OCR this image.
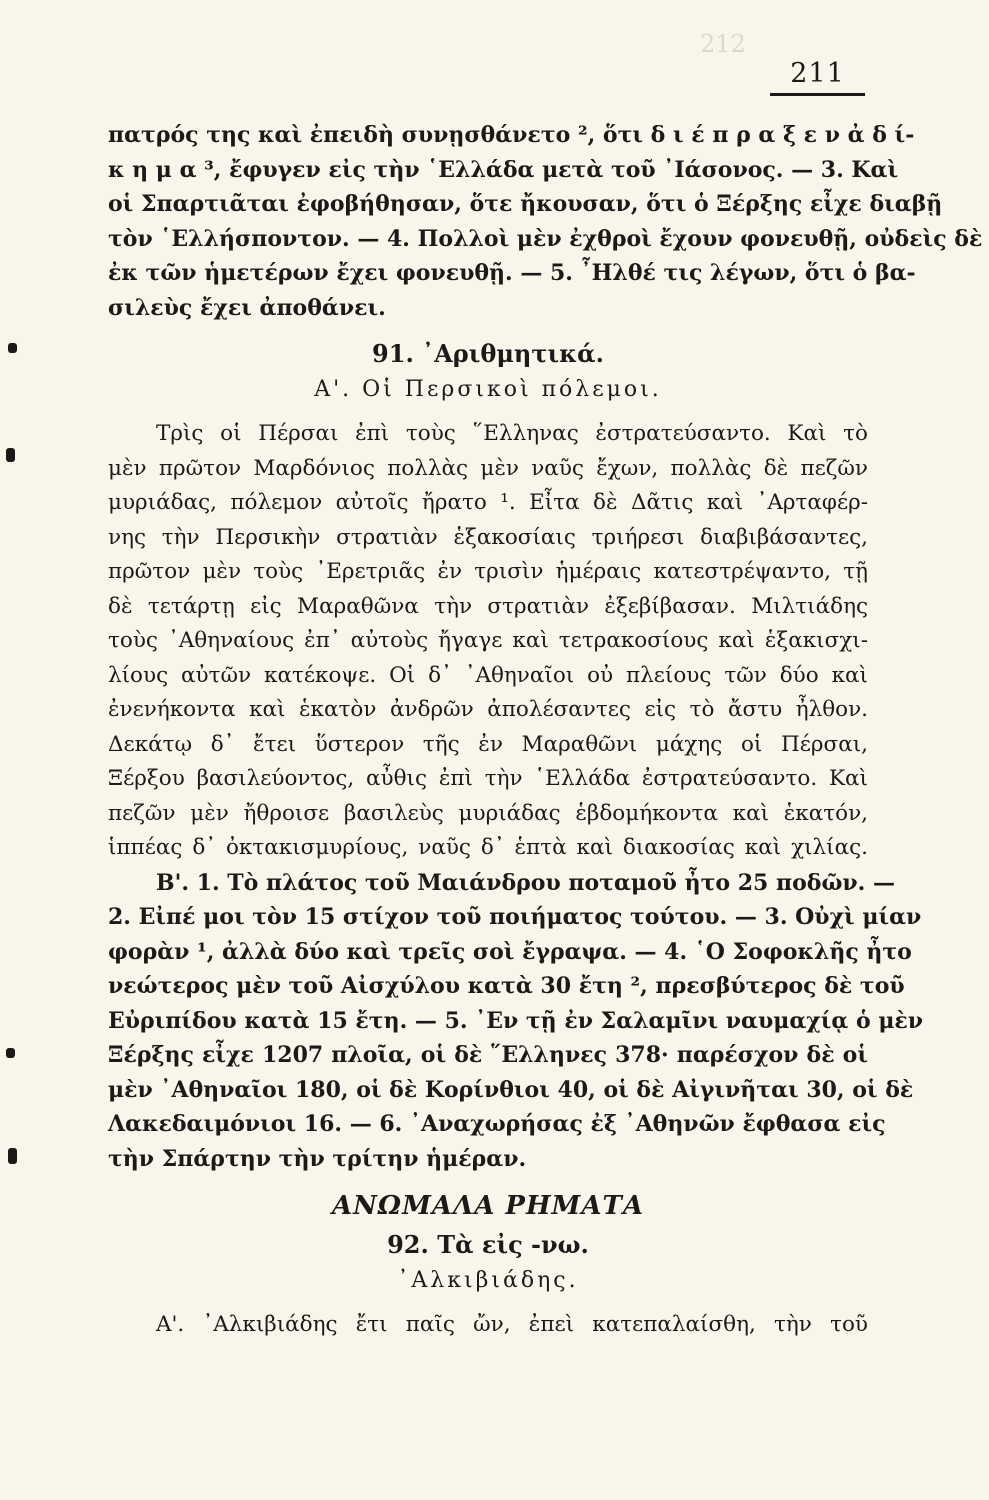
212
211
πατρός της καὶ ἐπειδὴ συνῃσθάνετο ², ὅτι δ ι έ π ρ α ξ ε ν ἀ δ ί-
κ η μ α ³, ἔφυγεν εἰς τὴν ῾Ελλάδα μετὰ τοῦ ᾿Ιάσονος. — 3. Καὶ
οἱ Σπαρτιᾶται ἐφοβήθησαν, ὅτε ἤκουσαν, ὅτι ὁ Ξέρξης εἶχε διαβῇ
τὸν ῾Ελλήσποντον. — 4. Πολλοὶ μὲν ἐχθροὶ ἔχουν φονευθῇ, οὐδεὶς δὲ
ἐκ τῶν ἡμετέρων ἔχει φονευθῇ. — 5. ῏Ηλθέ τις λέγων, ὅτι ὁ βα-
σιλεὺς ἔχει ἀποθάνει.
91. ᾿Αριθμητικά.
Α'. Οἱ Περσικοὶ πόλεμοι.
Τρὶς οἱ Πέρσαι ἐπὶ τοὺς ῞Ελληνας ἐστρατεύσαντο. Καὶ τὸ
μὲν πρῶτον Μαρδόνιος πολλὰς μὲν ναῦς ἔχων, πολλὰς δὲ πεζῶν
μυριάδας, πόλεμον αὐτοῖς ἤρατο ¹. Εἶτα δὲ Δᾶτις καὶ ᾿Αρταφέρ-
νης τὴν Περσικὴν στρατιὰν ἑξακοσίαις τριήρεσι διαβιβάσαντες,
πρῶτον μὲν τοὺς ᾿Ερετριᾶς ἐν τρισὶν ἡμέραις κατεστρέψαντο, τῇ
δὲ τετάρτῃ εἰς Μαραθῶνα τὴν στρατιὰν ἐξεβίβασαν. Μιλτιάδης
τοὺς ᾿Αθηναίους ἐπ᾿ αὐτοὺς ἤγαγε καὶ τετρακοσίους καὶ ἑξακισχι-
λίους αὐτῶν κατέκοψε. Οἱ δ᾿ ᾿Αθηναῖοι οὐ πλείους τῶν δύο καὶ
ἐνενήκοντα καὶ ἑκατὸν ἀνδρῶν ἀπολέσαντες εἰς τὸ ἄστυ ἦλθον.
Δεκάτῳ δ᾿ ἔτει ὕστερον τῆς ἐν Μαραθῶνι μάχης οἱ Πέρσαι,
Ξέρξου βασιλεύοντος, αὖθις ἐπὶ τὴν ῾Ελλάδα ἐστρατεύσαντο. Καὶ
πεζῶν μὲν ἤθροισε βασιλεὺς μυριάδας ἑβδομήκοντα καὶ ἑκατόν,
ἱππέας δ᾿ ὀκτακισμυρίους, ναῦς δ᾿ ἑπτὰ καὶ διακοσίας καὶ χιλίας.
Β'. 1. Τὸ πλάτος τοῦ Μαιάνδρου ποταμοῦ ἦτο 25 ποδῶν. —
2. Εἰπέ μοι τὸν 15 στίχον τοῦ ποιήματος τούτου. — 3. Οὐχὶ μίαν
φορὰν ¹, ἀλλὰ δύο καὶ τρεῖς σοὶ ἔγραψα. — 4. ῾Ο Σοφοκλῆς ἦτο
νεώτερος μὲν τοῦ Αἰσχύλου κατὰ 30 ἔτη ², πρεσβύτερος δὲ τοῦ
Εὐριπίδου κατὰ 15 ἔτη. — 5. ᾿Εν τῇ ἐν Σαλαμῖνι ναυμαχίᾳ ὁ μὲν
Ξέρξης εἶχε 1207 πλοῖα, οἱ δὲ ῞Ελληνες 378· παρέσχον δὲ οἱ
μὲν ᾿Αθηναῖοι 180, οἱ δὲ Κορίνθιοι 40, οἱ δὲ Αἰγινῆται 30, οἱ δὲ
Λακεδαιμόνιοι 16. — 6. ᾿Αναχωρήσας ἐξ ᾿Αθηνῶν ἔφθασα εἰς
τὴν Σπάρτην τὴν τρίτην ἡμέραν.
ΑΝΩΜΑΛΑ ΡΗΜΑΤΑ
92. Τὰ εἰς -νω.
᾿Αλκιβιάδης.
Α'. ᾿Αλκιβιάδης ἔτι παῖς ὤν, ἐπεὶ κατεπαλαίσθη, τὴν τοῦ
